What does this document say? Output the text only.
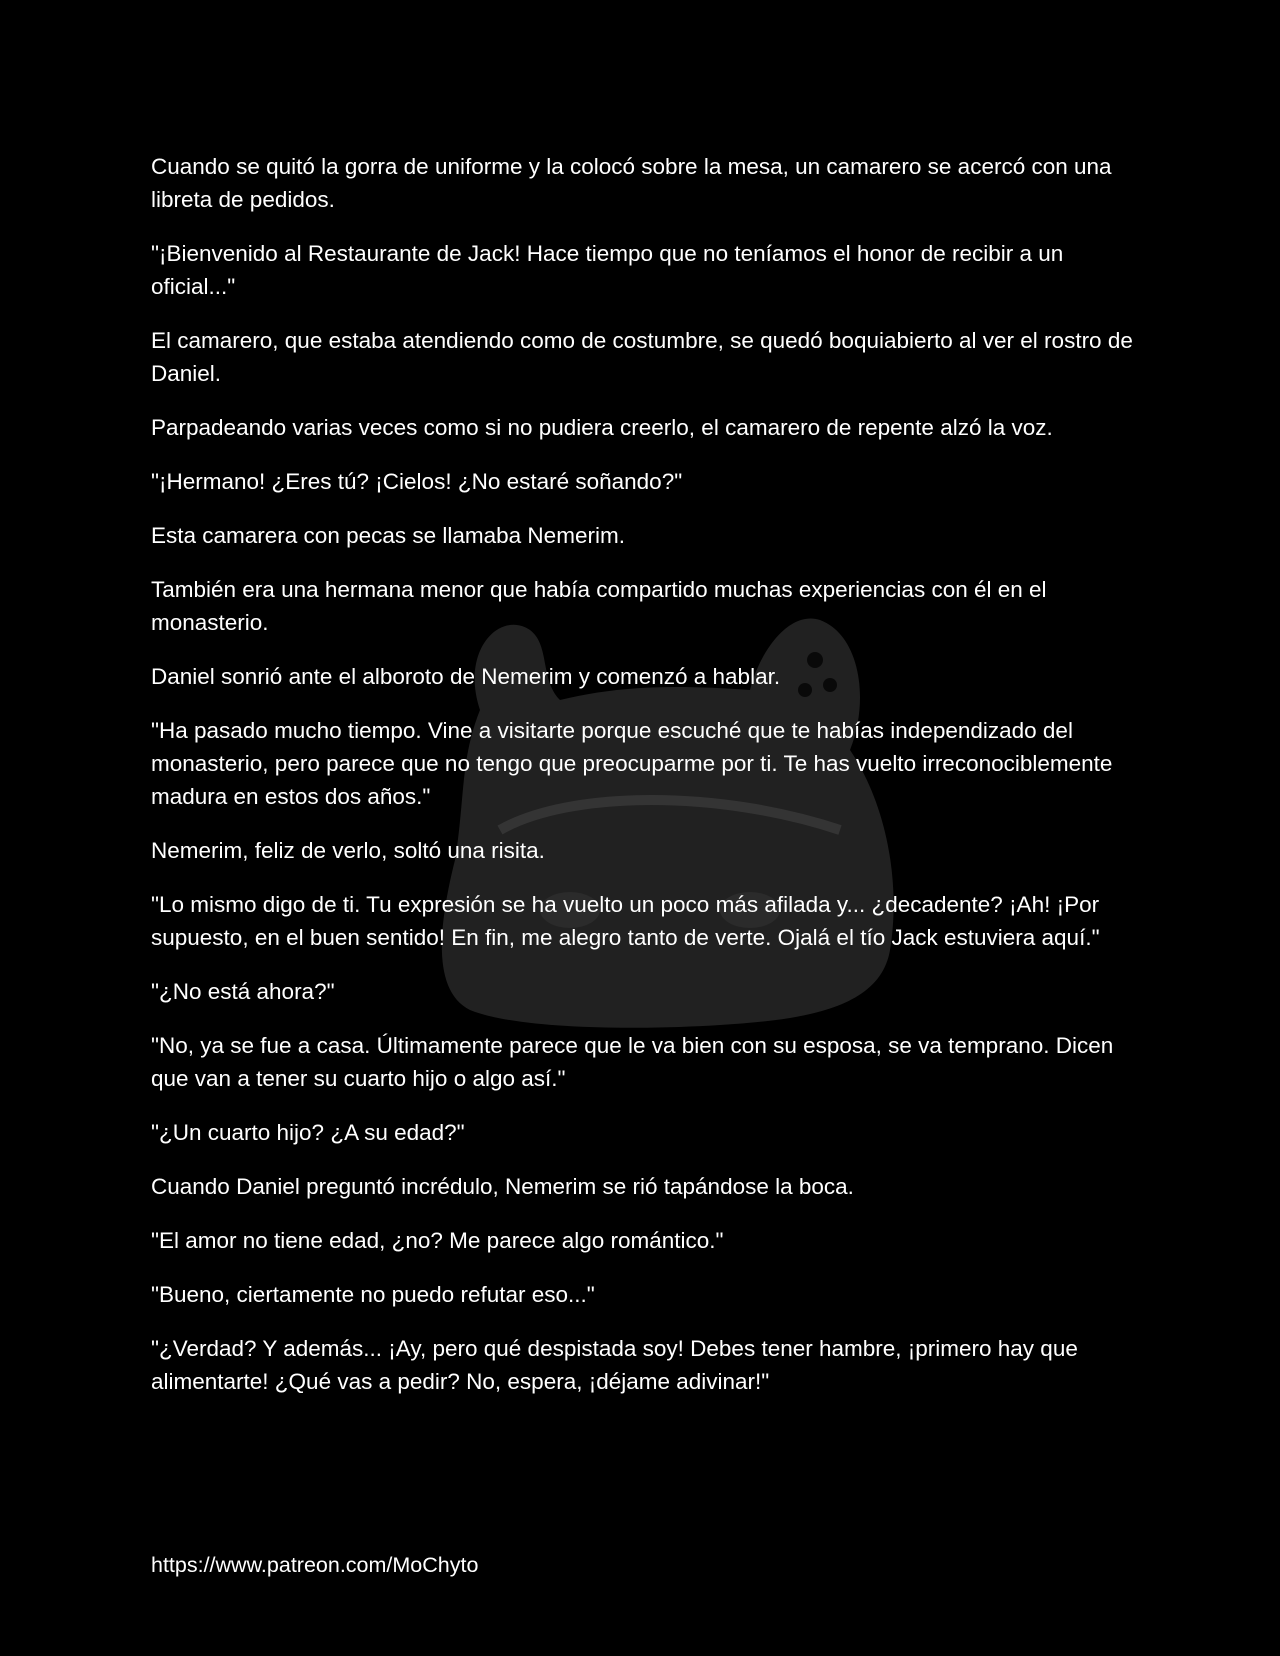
Cuando se quitó la gorra de uniforme y la colocó sobre la mesa, un camarero se acercó con una libreta de pedidos.

"¡Bienvenido al Restaurante de Jack! Hace tiempo que no teníamos el honor de recibir a un oficial..."

El camarero, que estaba atendiendo como de costumbre, se quedó boquiabierto al ver el rostro de Daniel.

Parpadeando varias veces como si no pudiera creerlo, el camarero de repente alzó la voz.

"¡Hermano! ¿Eres tú? ¡Cielos! ¿No estaré soñando?"

Esta camarera con pecas se llamaba Nemerim.

También era una hermana menor que había compartido muchas experiencias con él en el monasterio.

Daniel sonrió ante el alboroto de Nemerim y comenzó a hablar.

"Ha pasado mucho tiempo. Vine a visitarte porque escuché que te habías independizado del monasterio, pero parece que no tengo que preocuparme por ti. Te has vuelto irreconociblemente madura en estos dos años."

Nemerim, feliz de verlo, soltó una risita.

"Lo mismo digo de ti. Tu expresión se ha vuelto un poco más afilada y... ¿decadente? ¡Ah! ¡Por supuesto, en el buen sentido! En fin, me alegro tanto de verte. Ojalá el tío Jack estuviera aquí."

"¿No está ahora?"

"No, ya se fue a casa. Últimamente parece que le va bien con su esposa, se va temprano. Dicen que van a tener su cuarto hijo o algo así."

"¿Un cuarto hijo? ¿A su edad?"

Cuando Daniel preguntó incrédulo, Nemerim se rió tapándose la boca.

"El amor no tiene edad, ¿no? Me parece algo romántico."

"Bueno, ciertamente no puedo refutar eso..."

"¿Verdad? Y además... ¡Ay, pero qué despistada soy! Debes tener hambre, ¡primero hay que alimentarte! ¿Qué vas a pedir? No, espera, ¡déjame adivinar!"

https://www.patreon.com/MoChyto
